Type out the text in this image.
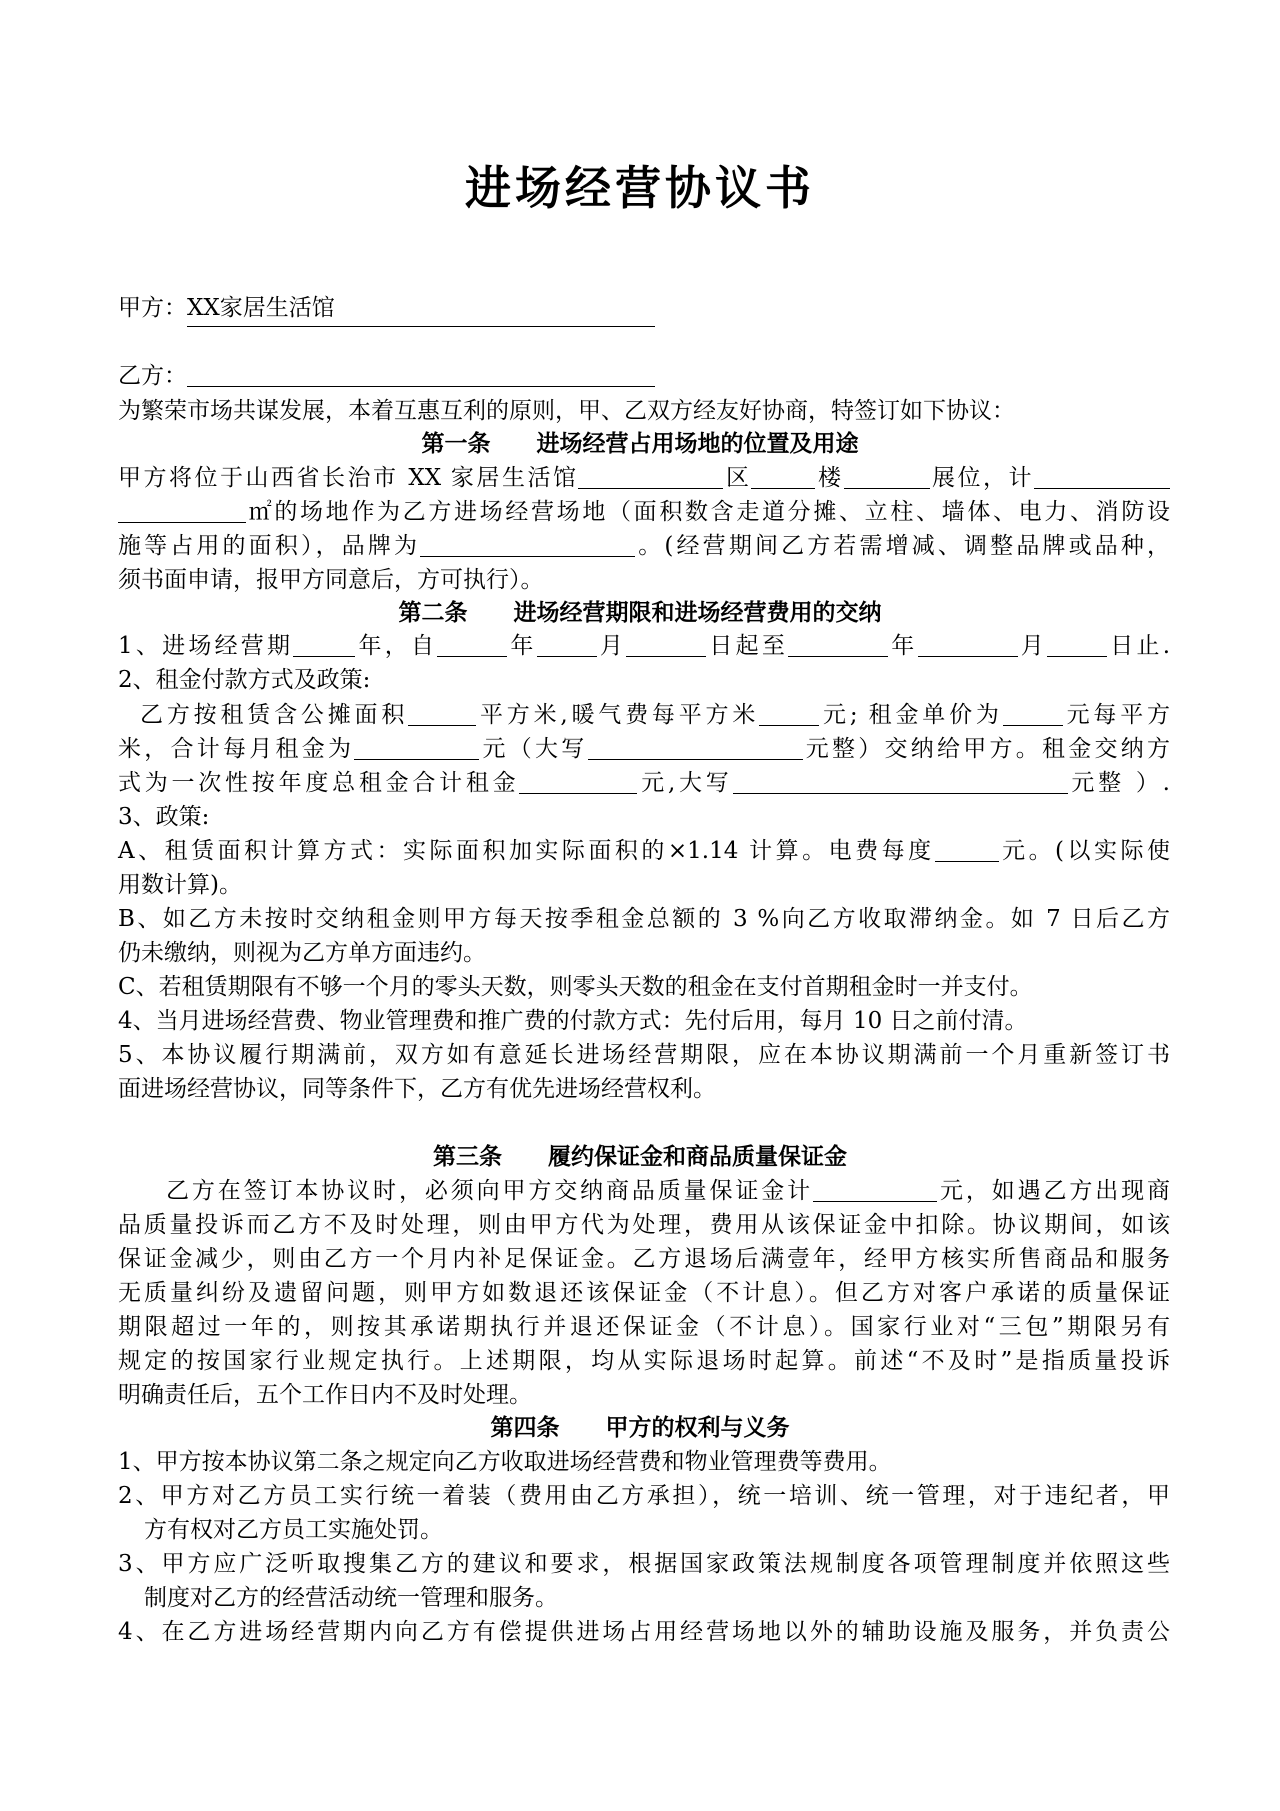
进场经营协议书
甲方：XX家居生活馆
乙方：
为繁荣市场共谋发展，本着互惠互利的原则，甲、乙双方经友好协商，特签订如下协议：
第一条　　进场经营占用场地的位置及用途
甲方将位于山西省长治市 XX 家居生活馆	区	楼	展位，计
㎡的场地作为乙方进场经营场地（面积数含走道分摊、立柱、墙体、电力、消防设
施等占用的面积），品牌为	。(经营期间乙方若需增减、调整品牌或品种，
须书面申请，报甲方同意后，方可执行）。
第二条　　进场经营期限和进场经营费用的交纳
1、进场经营期	年，自	年	月	日起至	年	月	日止.
2、租金付款方式及政策:
乙方按租赁含公摊面积	平方米,暖气费每平方米	元; 租金单价为	元每平方
米，合计每月租金为	元（大写	元整）交纳给甲方。租金交纳方
式为一次性按年度总租金合计租金	元,大写	元整 ）.
3、政策:
A、租赁面积计算方式：实际面积加实际面积的×1.14 计算。电费每度	元。(以实际使
用数计算)。
B、如乙方未按时交纳租金则甲方每天按季租金总额的 3 %向乙方收取滞纳金。如 7 日后乙方
仍未缴纳，则视为乙方单方面违约。
C、若租赁期限有不够一个月的零头天数，则零头天数的租金在支付首期租金时一并支付。
4、当月进场经营费、物业管理费和推广费的付款方式：先付后用，每月 10 日之前付清。
5、本协议履行期满前，双方如有意延长进场经营期限，应在本协议期满前一个月重新签订书
面进场经营协议，同等条件下，乙方有优先进场经营权利。
第三条　　履约保证金和商品质量保证金
乙方在签订本协议时，必须向甲方交纳商品质量保证金计	元，如遇乙方出现商
品质量投诉而乙方不及时处理，则由甲方代为处理，费用从该保证金中扣除。协议期间，如该
保证金减少，则由乙方一个月内补足保证金。乙方退场后满壹年，经甲方核实所售商品和服务
无质量纠纷及遗留问题，则甲方如数退还该保证金（不计息）。但乙方对客户承诺的质量保证
期限超过一年的，则按其承诺期执行并退还保证金（不计息）。国家行业对“三包”期限另有
规定的按国家行业规定执行。上述期限，均从实际退场时起算。前述“不及时”是指质量投诉
明确责任后，五个工作日内不及时处理。
第四条　　甲方的权利与义务
1、甲方按本协议第二条之规定向乙方收取进场经营费和物业管理费等费用。
2、甲方对乙方员工实行统一着装（费用由乙方承担），统一培训、统一管理，对于违纪者，甲
方有权对乙方员工实施处罚。
3、甲方应广泛听取搜集乙方的建议和要求，根据国家政策法规制度各项管理制度并依照这些
制度对乙方的经营活动统一管理和服务。
4、在乙方进场经营期内向乙方有偿提供进场占用经营场地以外的辅助设施及服务，并负责公
